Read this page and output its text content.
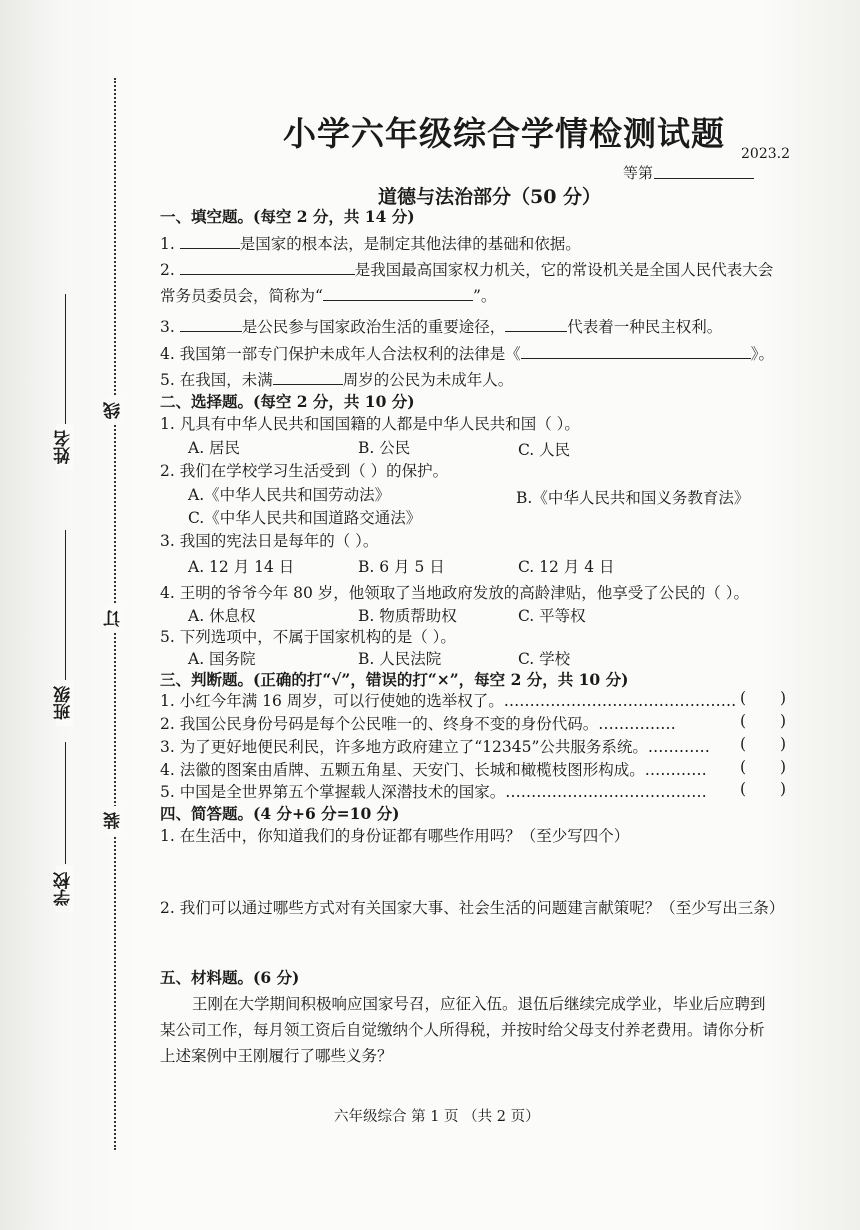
线
订
装
姓名
班级
学校
小学六年级综合学情检测试题
2023.2
等第
道德与法治部分（50 分）
一、填空题。(每空 2 分，共 14 分)
1.	是国家的根本法，是制定其他法律的基础和依据。
2.	是我国最高国家权力机关，它的常设机关是全国人民代表大会
常务员委员会，简称为“	”。
3.	是公民参与国家政治生活的重要途径，	代表着一种民主权利。
4. 我国第一部专门保护未成年人合法权利的法律是《	》。
5. 在我国，未满	周岁的公民为未成年人。
二、选择题。(每空 2 分，共 10 分)
1. 凡具有中华人民共和国国籍的人都是中华人民共和国（ ）。
A. 居民	B. 公民	C. 人民
2. 我们在学校学习生活受到（ ）的保护。
A.《中华人民共和国劳动法》	B.《中华人民共和国义务教育法》
C.《中华人民共和国道路交通法》
3. 我国的宪法日是每年的（ ）。
A. 12 月 14 日	B. 6 月 5 日	C. 12 月 4 日
4. 王明的爷爷今年 80 岁，他领取了当地政府发放的高龄津贴，他享受了公民的（ ）。
A. 休息权	B. 物质帮助权	C. 平等权
5. 下列选项中，不属于国家机构的是（ ）。
A. 国务院	B. 人民法院	C. 学校
三、判断题。(正确的打“√”，错误的打“×”，每空 2 分，共 10 分)
1. 小红今年满 16 周岁，可以行使她的选举权了。……………………………………… ( )
2. 我国公民身份号码是每个公民唯一的、终身不变的身份代码。……………	( )
3. 为了更好地便民利民，许多地方政府建立了“12345”公共服务系统。………… ( )
4. 法徽的图案由盾牌、五颗五角星、天安门、长城和橄榄枝图形构成。………… ( )
5. 中国是全世界第五个掌握载人深潜技术的国家。………………………………… ( )
四、简答题。(4 分+6 分=10 分)
1. 在生活中，你知道我们的身份证都有哪些作用吗？（至少写四个）
2. 我们可以通过哪些方式对有关国家大事、社会生活的问题建言献策呢？（至少写出三条）
五、材料题。(6 分)
王刚在大学期间积极响应国家号召，应征入伍。退伍后继续完成学业，毕业后应聘到
某公司工作，每月领工资后自觉缴纳个人所得税，并按时给父母支付养老费用。请你分析
上述案例中王刚履行了哪些义务？
六年级综合 第 1 页 （共 2 页）
